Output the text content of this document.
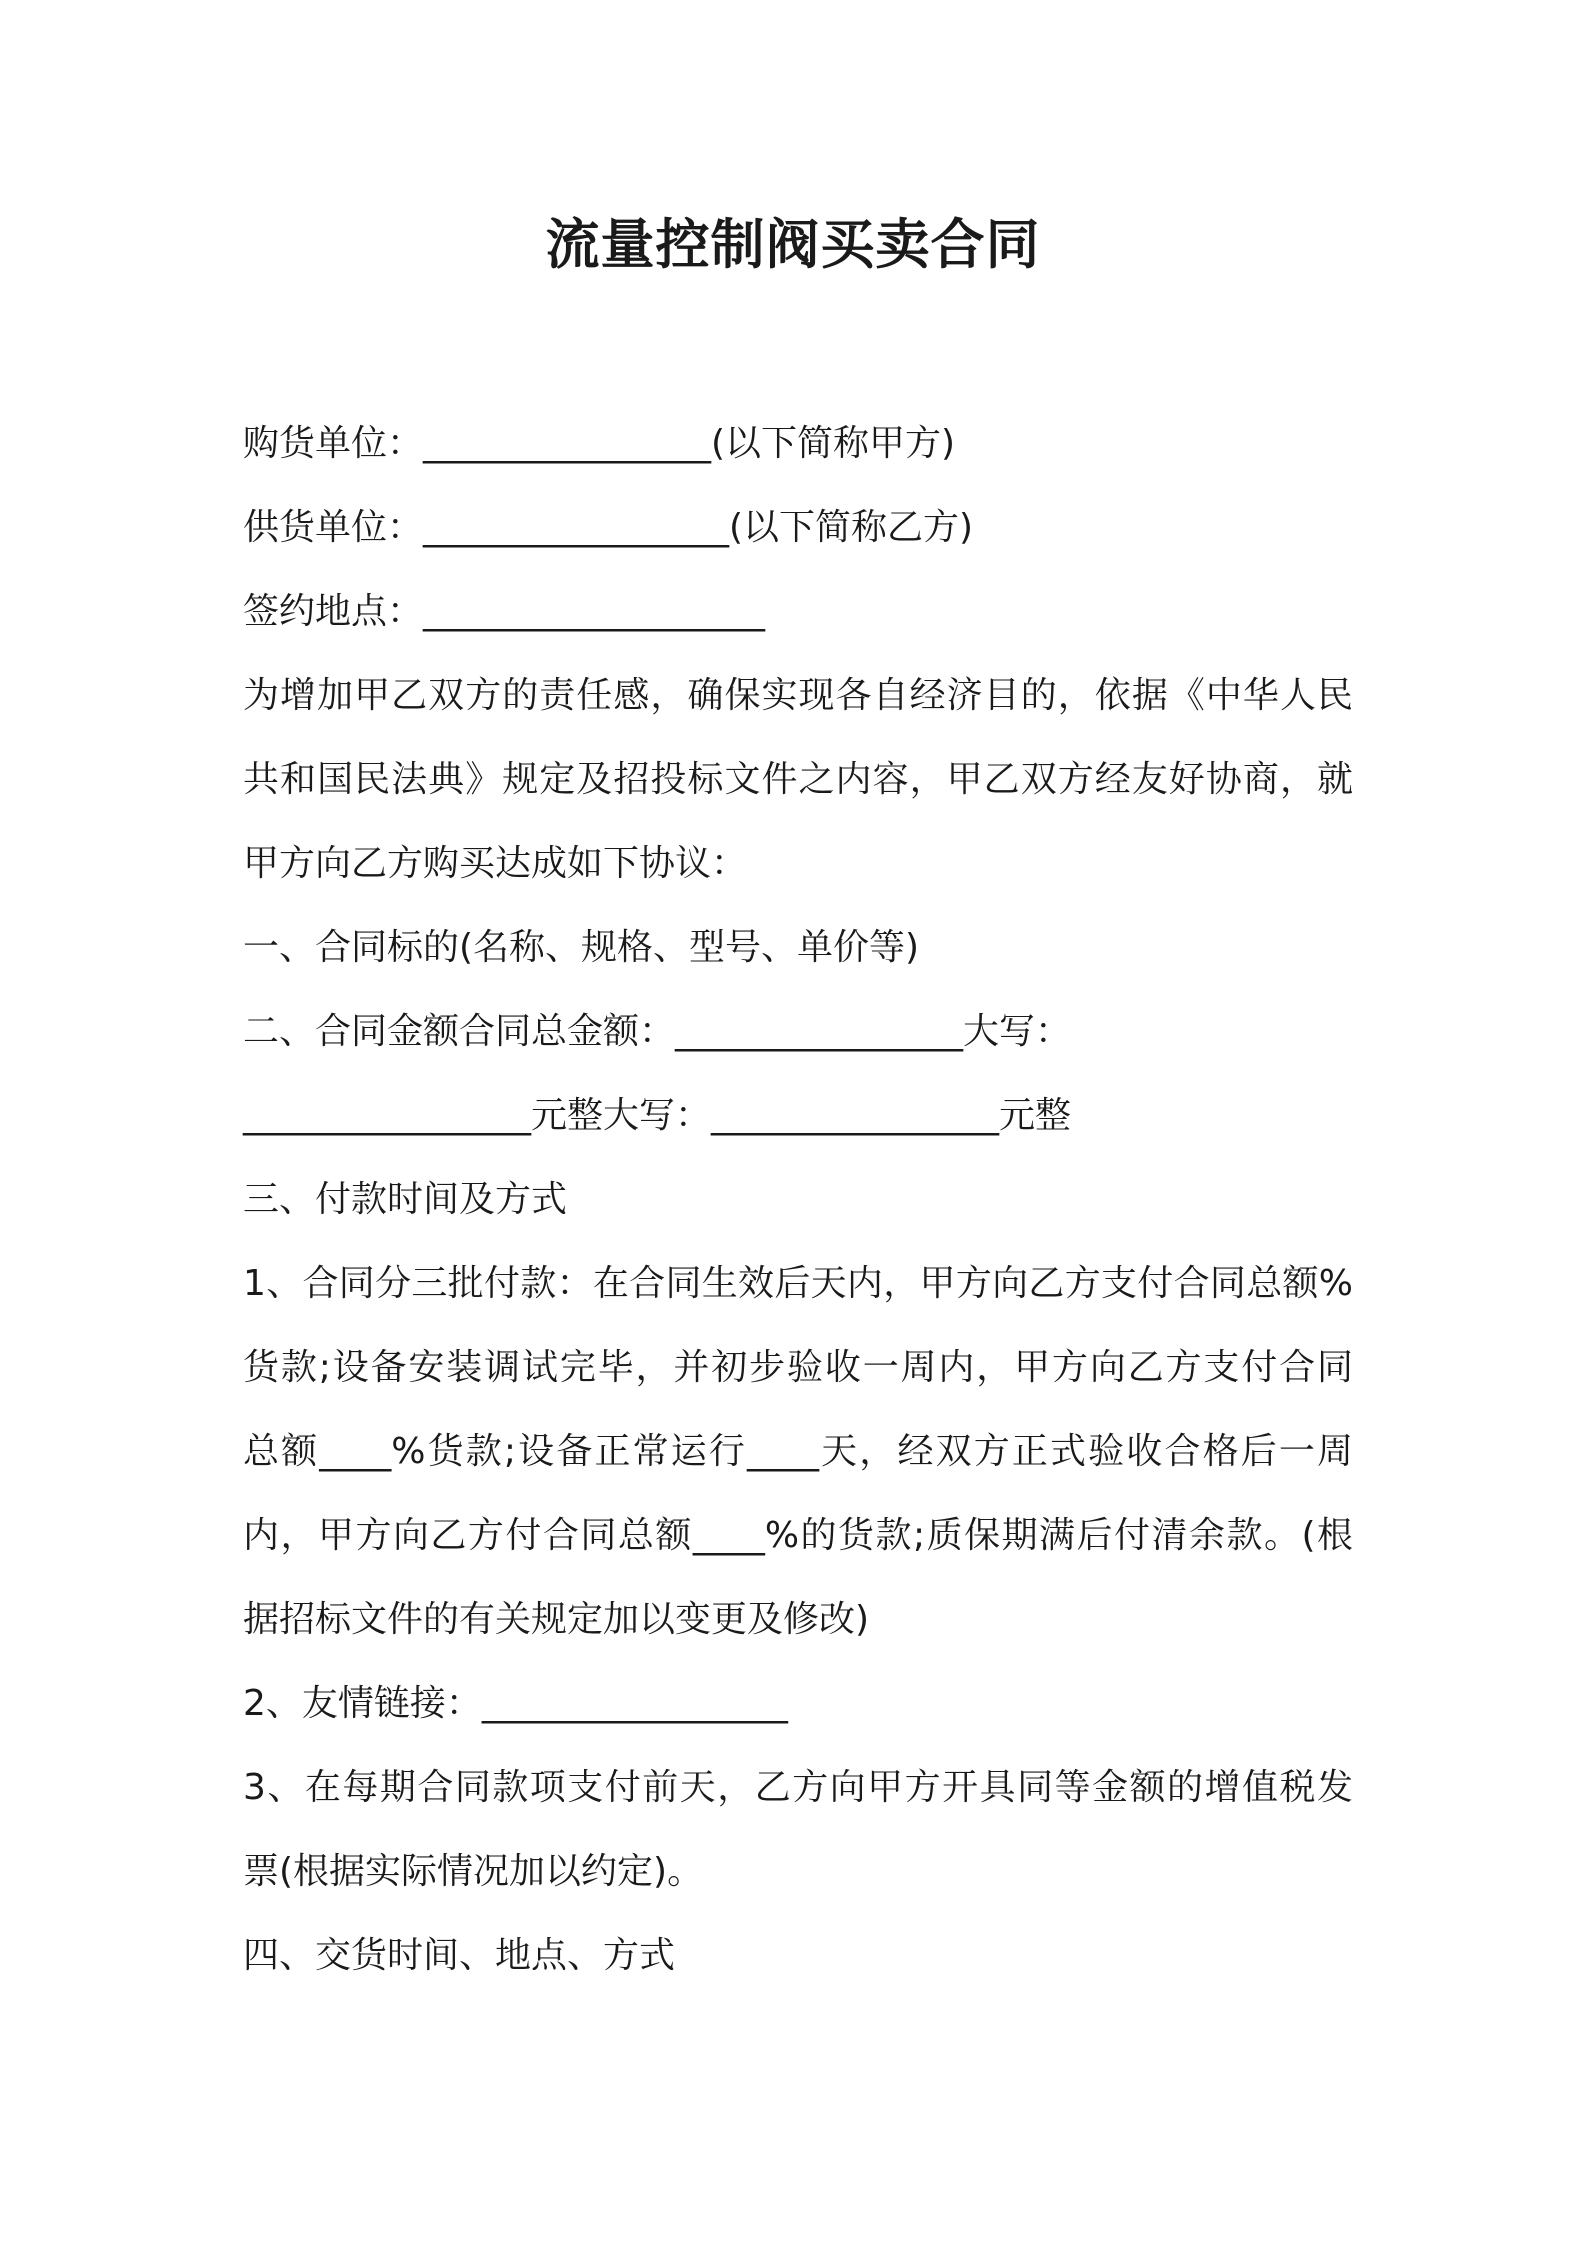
流量控制阀买卖合同

购货单位：________________(以下简称甲方)

供货单位：_________________(以下简称乙方)

签约地点：___________________

为增加甲乙双方的责任感，确保实现各自经济目的，依据《中华人民

共和国民法典》规定及招投标文件之内容，甲乙双方经友好协商，就

甲方向乙方购买达成如下协议：

一、合同标的(名称、规格、型号、单价等)

二、合同金额合同总金额：________________大写：

________________元整大写：________________元整

三、付款时间及方式

1、合同分三批付款：在合同生效后天内，甲方向乙方支付合同总额%

货款;设备安装调试完毕，并初步验收一周内，甲方向乙方支付合同

总额____%货款;设备正常运行____天，经双方正式验收合格后一周

内，甲方向乙方付合同总额____%的货款;质保期满后付清余款。(根

据招标文件的有关规定加以变更及修改)

2、友情链接：_________________

3、在每期合同款项支付前天，乙方向甲方开具同等金额的增值税发

票(根据实际情况加以约定)。

四、交货时间、地点、方式
